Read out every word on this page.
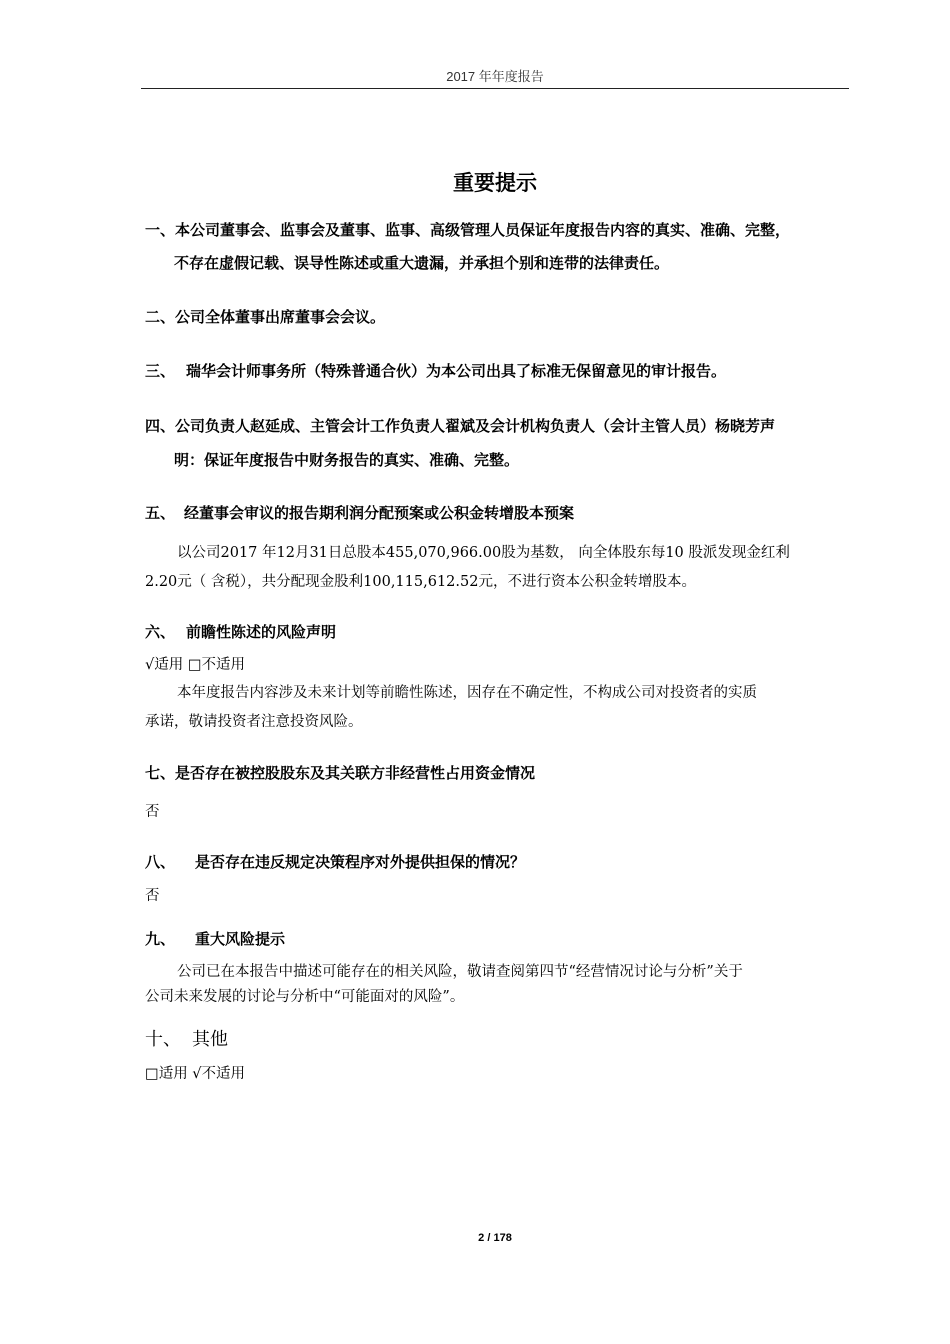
2017 年年度报告
重要提示
一、本公司董事会、监事会及董事、监事、高级管理人员保证年度报告内容的真实、准确、完整，
不存在虚假记载、误导性陈述或重大遗漏，并承担个别和连带的法律责任。
二、公司全体董事出席董事会会议。
三、 瑞华会计师事务所（特殊普通合伙）为本公司出具了标准无保留意见的审计报告。
四、公司负责人赵延成、主管会计工作负责人翟斌及会计机构负责人（会计主管人员）杨晓芳声
明：保证年度报告中财务报告的真实、准确、完整。
五、 经董事会审议的报告期利润分配预案或公积金转增股本预案
以公司2017 年12月31日总股本455,070,966.00股为基数， 向全体股东每10 股派发现金红利
2.20元（ 含税），共分配现金股利100,115,612.52元，不进行资本公积金转增股本。
六、 前瞻性陈述的风险声明
√适用 □不适用
本年度报告内容涉及未来计划等前瞻性陈述，因存在不确定性，不构成公司对投资者的实质
承诺，敬请投资者注意投资风险。
七、是否存在被控股股东及其关联方非经营性占用资金情况
否
八、 是否存在违反规定决策程序对外提供担保的情况？
否
九、 重大风险提示
公司已在本报告中描述可能存在的相关风险，敬请查阅第四节“经营情况讨论与分析”关于
公司未来发展的讨论与分析中“可能面对的风险”。
十、 其他
□适用 √不适用
2 / 178
